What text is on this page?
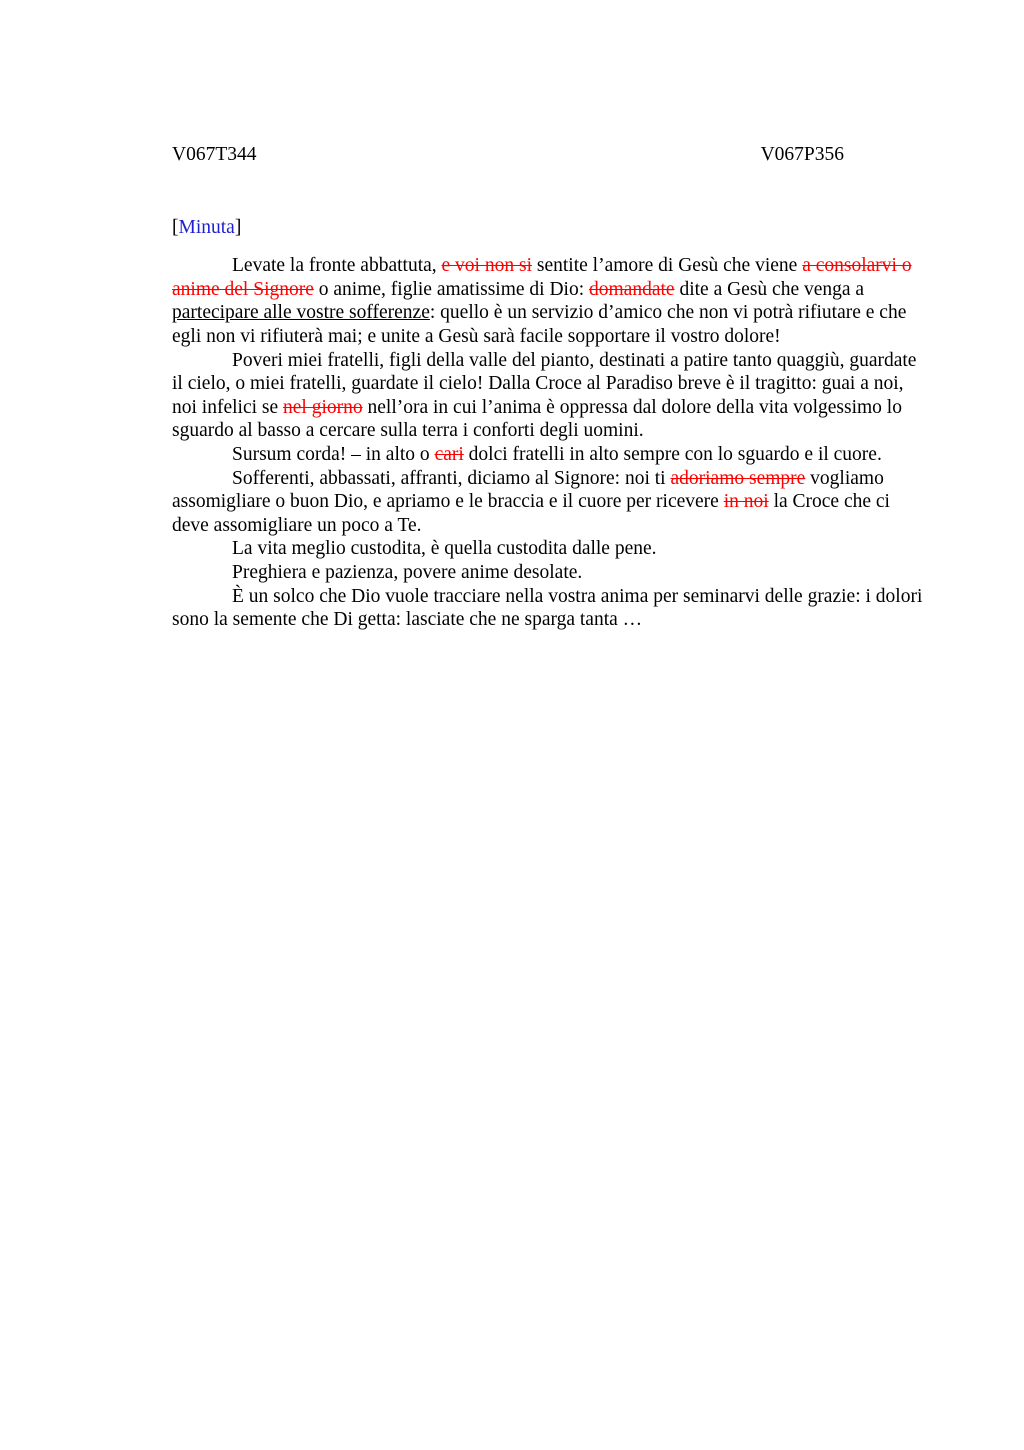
V067T344	V067P356
[Minuta]

Levate la fronte abbattuta, e voi non si sentite l’amore di Gesù che viene a consolarvi o anime del Signore o anime, figlie amatissime di Dio: domandate dite a Gesù che venga a partecipare alle vostre sofferenze: quello è un servizio d’amico che non vi potrà rifiutare e che egli non vi rifiuterà mai; e unite a Gesù sarà facile sopportare il vostro dolore!

Poveri miei fratelli, figli della valle del pianto, destinati a patire tanto quaggiù, guardate il cielo, o miei fratelli, guardate il cielo! Dalla Croce al Paradiso breve è il tragitto: guai a noi, noi infelici se nel giorno nell’ora in cui l’anima è oppressa dal dolore della vita volgessimo lo sguardo al basso a cercare sulla terra i conforti degli uomini.

Sursum corda! – in alto o cari dolci fratelli in alto sempre con lo sguardo e il cuore.

Sofferenti, abbassati, affranti, diciamo al Signore: noi ti adoriamo sempre vogliamo assomigliare o buon Dio, e apriamo e le braccia e il cuore per ricevere in noi la Croce che ci deve assomigliare un poco a Te.

La vita meglio custodita, è quella custodita dalle pene.

Preghiera e pazienza, povere anime desolate.

È un solco che Dio vuole tracciare nella vostra anima per seminarvi delle grazie: i dolori sono la semente che Di getta: lasciate che ne sparga tanta …
